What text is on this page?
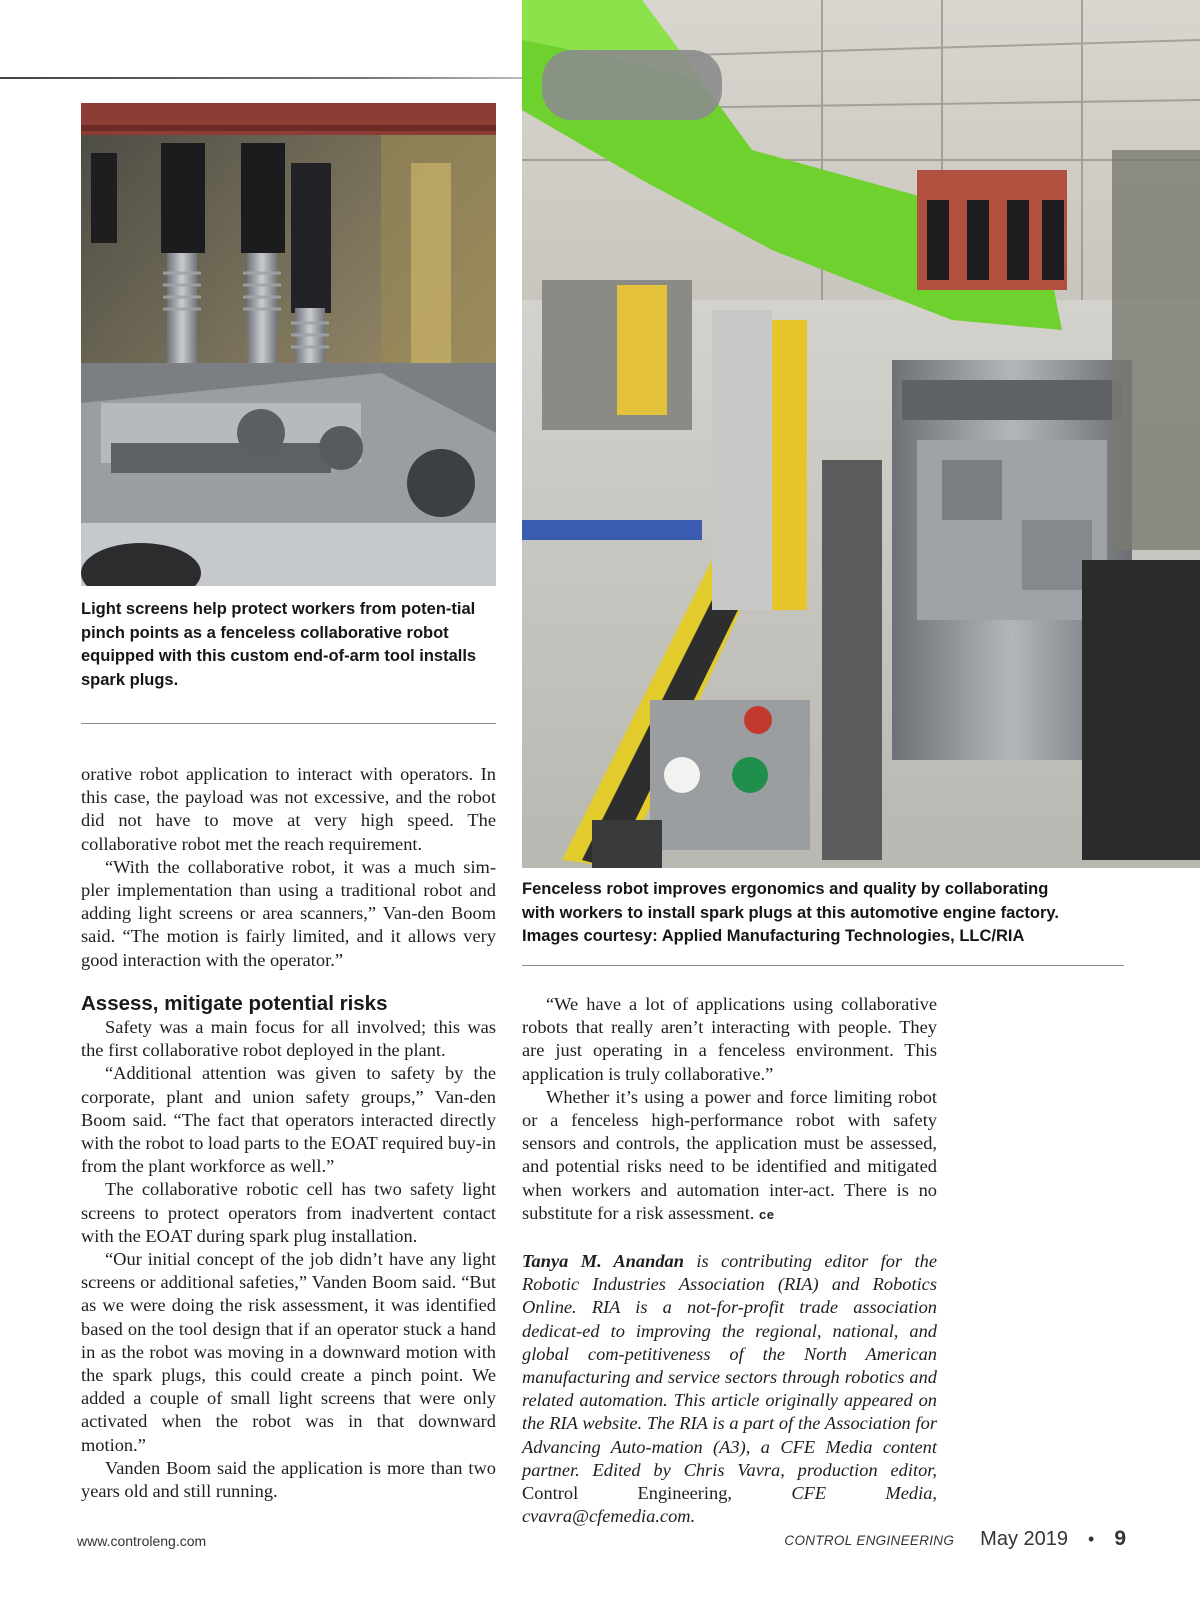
Light screens help protect workers from poten-tial pinch points as a fenceless collaborative robot equipped with this custom end-of-arm tool installs spark plugs.

Fenceless robot improves ergonomics and quality by collaborating
with workers to install spark plugs at this automotive engine factory.
Images courtesy: Applied Manufacturing Technologies, LLC/RIA

orative robot application to interact with operators. In this case, the payload was not excessive, and the robot did not have to move at very high speed. The collaborative robot met the reach requirement.

“With the collaborative robot, it was a much sim-pler implementation than using a traditional robot and adding light screens or area scanners,” Van-den Boom said. “The motion is fairly limited, and it allows very good interaction with the operator.”

Assess, mitigate potential risks

Safety was a main focus for all involved; this was the first collaborative robot deployed in the plant.

“Additional attention was given to safety by the corporate, plant and union safety groups,” Van-den Boom said. “The fact that operators interacted directly with the robot to load parts to the EOAT required buy-in from the plant workforce as well.”

The collaborative robotic cell has two safety light screens to protect operators from inadvertent contact with the EOAT during spark plug installation.

“Our initial concept of the job didn’t have any light screens or additional safeties,” Vanden Boom said. “But as we were doing the risk assessment, it was identified based on the tool design that if an operator stuck a hand in as the robot was moving in a downward motion with the spark plugs, this could create a pinch point. We added a couple of small light screens that were only activated when the robot was in that downward motion.”

Vanden Boom said the application is more than two years old and still running.

“We have a lot of applications using collaborative robots that really aren’t interacting with people. They are just operating in a fenceless environment. This application is truly collaborative.”

Whether it’s using a power and force limiting robot or a fenceless high-performance robot with safety sensors and controls, the application must be assessed, and potential risks need to be identified and mitigated when workers and automation inter-act. There is no substitute for a risk assessment. ce

Tanya M. Anandan is contributing editor for the Robotic Industries Association (RIA) and Robotics Online. RIA is a not-for-profit trade association dedicat-ed to improving the regional, national, and global com-petitiveness of the North American manufacturing and service sectors through robotics and related automation. This article originally appeared on the RIA website. The RIA is a part of the Association for Advancing Auto-mation (A3), a CFE Media content partner. Edited by Chris Vavra, production editor, Control Engineering, CFE Media, cvavra@cfemedia.com.

www.controleng.com	CONTROL ENGINEERING May 2019 • 9
